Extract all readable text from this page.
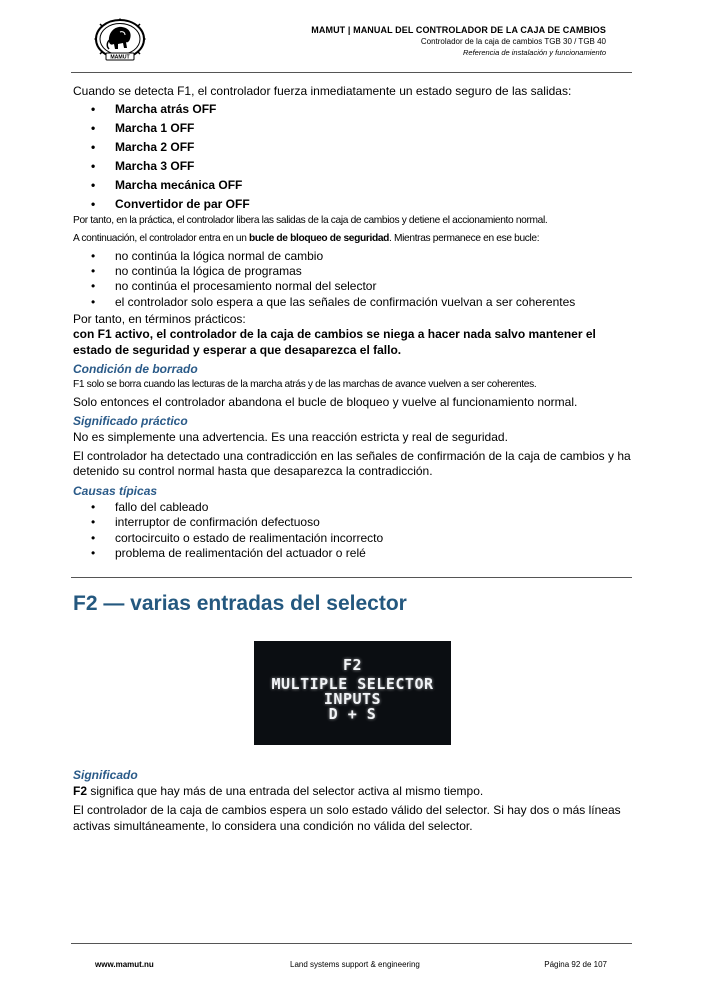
MAMUT
MAMUT | MANUAL DEL CONTROLADOR DE LA CAJA DE CAMBIOS
Controlador de la caja de cambios TGB 30 / TGB 40
Referencia de instalación y funcionamiento

Cuando se detecta F1, el controlador fuerza inmediatamente un estado seguro de las salidas:

• Marcha atrás OFF
• Marcha 1 OFF
• Marcha 2 OFF
• Marcha 3 OFF
• Marcha mecánica OFF
• Convertidor de par OFF

Por tanto, en la práctica, el controlador libera las salidas de la caja de cambios y detiene el accionamiento normal.

A continuación, el controlador entra en un bucle de bloqueo de seguridad. Mientras permanece en ese bucle:

• no continúa la lógica normal de cambio
• no continúa la lógica de programas
• no continúa el procesamiento normal del selector
• el controlador solo espera a que las señales de confirmación vuelvan a ser coherentes

Por tanto, en términos prácticos:

con F1 activo, el controlador de la caja de cambios se niega a hacer nada salvo mantener el estado de seguridad y esperar a que desaparezca el fallo.

Condición de borrado

F1 solo se borra cuando las lecturas de la marcha atrás y de las marchas de avance vuelven a ser coherentes.

Solo entonces el controlador abandona el bucle de bloqueo y vuelve al funcionamiento normal.

Significado práctico

No es simplemente una advertencia. Es una reacción estricta y real de seguridad.

El controlador ha detectado una contradicción en las señales de confirmación de la caja de cambios y ha detenido su control normal hasta que desaparezca la contradicción.

Causas típicas
• fallo del cableado
• interruptor de confirmación defectuoso
• cortocircuito o estado de realimentación incorrecto
• problema de realimentación del actuador o relé
F2 — varias entradas del selector
F2
MULTIPLE SELECTOR
INPUTS
D + S
Significado

F2 significa que hay más de una entrada del selector activa al mismo tiempo.

El controlador de la caja de cambios espera un solo estado válido del selector. Si hay dos o más líneas activas simultáneamente, lo considera una condición no válida del selector.

www.mamut.nu	Land systems support & engineering	Página 92 de 107
